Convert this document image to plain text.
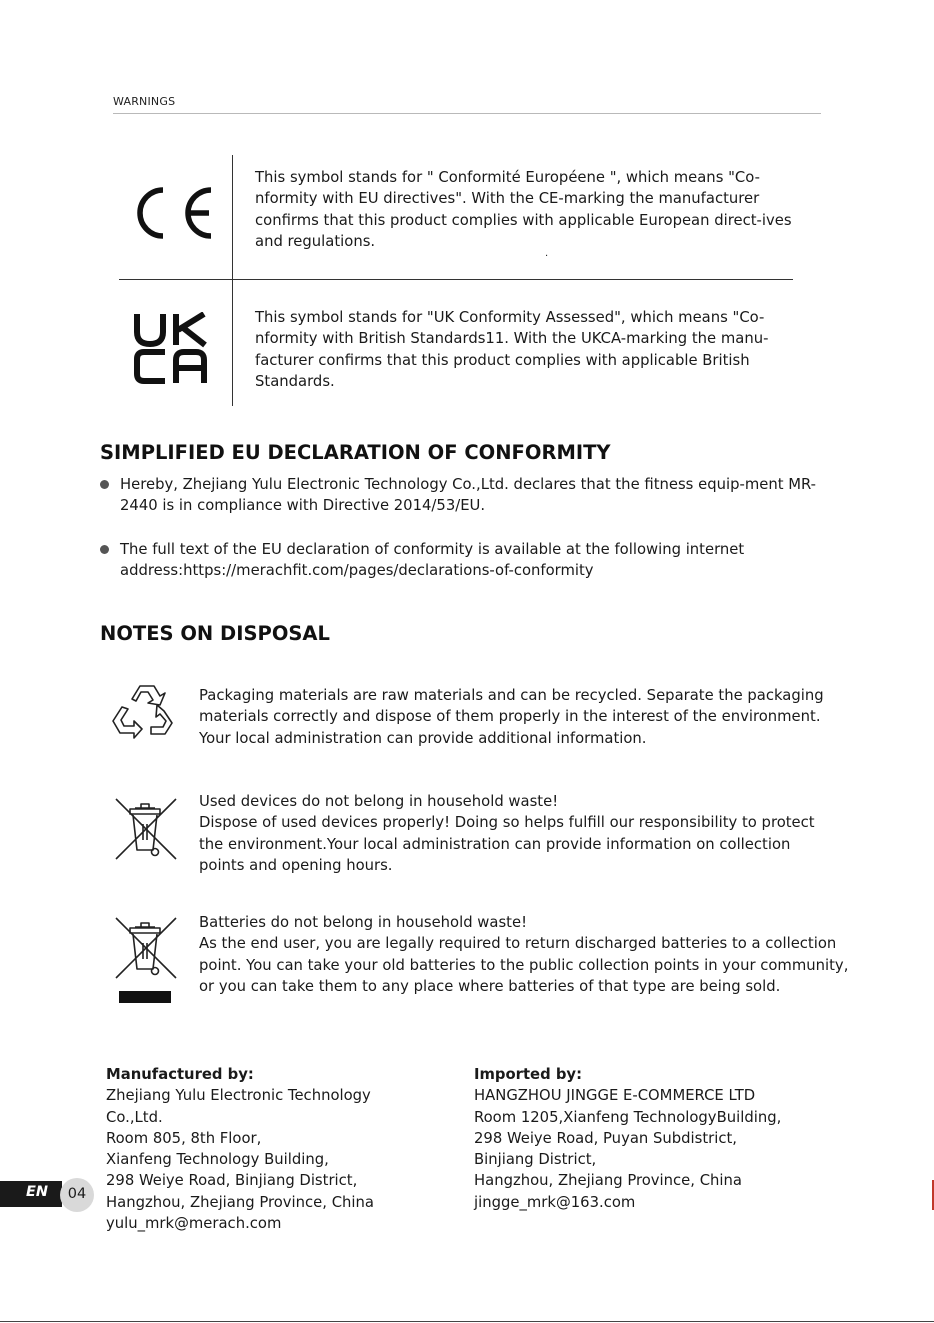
WARNINGS
This symbol stands for " Conformité Européene ", which means "Co-nformity with EU directives". With the CE-marking the manufacturer confirms that this product complies with applicable European direct-ives and regulations.
.
This symbol stands for "UK Conformity Assessed", which means "Co-nformity with British Standards11. With the UKCA-marking the manu-facturer confirms that this product complies with applicable British Standards.
SIMPLIFIED EU DECLARATION OF CONFORMITY
Hereby, Zhejiang Yulu Electronic Technology Co.,Ltd. declares that the fitness equip-ment MR-2440 is in compliance with Directive 2014/53/EU.
The full text of the EU declaration of conformity is available at the following internet address:https://merachfit.com/pages/declarations-of-conformity
NOTES ON DISPOSAL
Packaging materials are raw materials and can be recycled. Separate the packaging materials correctly and dispose of them properly in the interest of the environment.
Your local administration can provide additional information.
Used devices do not belong in household waste!
Dispose of used devices properly! Doing so helps fulfill our responsibility to protect the environment.Your local administration can provide information on collection points and opening hours.
Batteries do not belong in household waste!
As the end user, you are legally required to return discharged batteries to a collection point. You can take your old batteries to the public collection points in your community, or you can take them to any place where batteries of that type are being sold.
Manufactured by:
Zhejiang Yulu Electronic Technology
Co.,Ltd.
Room 805, 8th Floor,
Xianfeng Technology Building,
298 Weiye Road, Binjiang District,
Hangzhou, Zhejiang Province, China
yulu_mrk@merach.com
Imported by:
HANGZHOU JINGGE E-COMMERCE LTD
Room 1205,Xianfeng TechnologyBuilding,
298 Weiye Road, Puyan Subdistrict,
Binjiang District,
Hangzhou, Zhejiang Province, China
jingge_mrk@163.com
EN	04
